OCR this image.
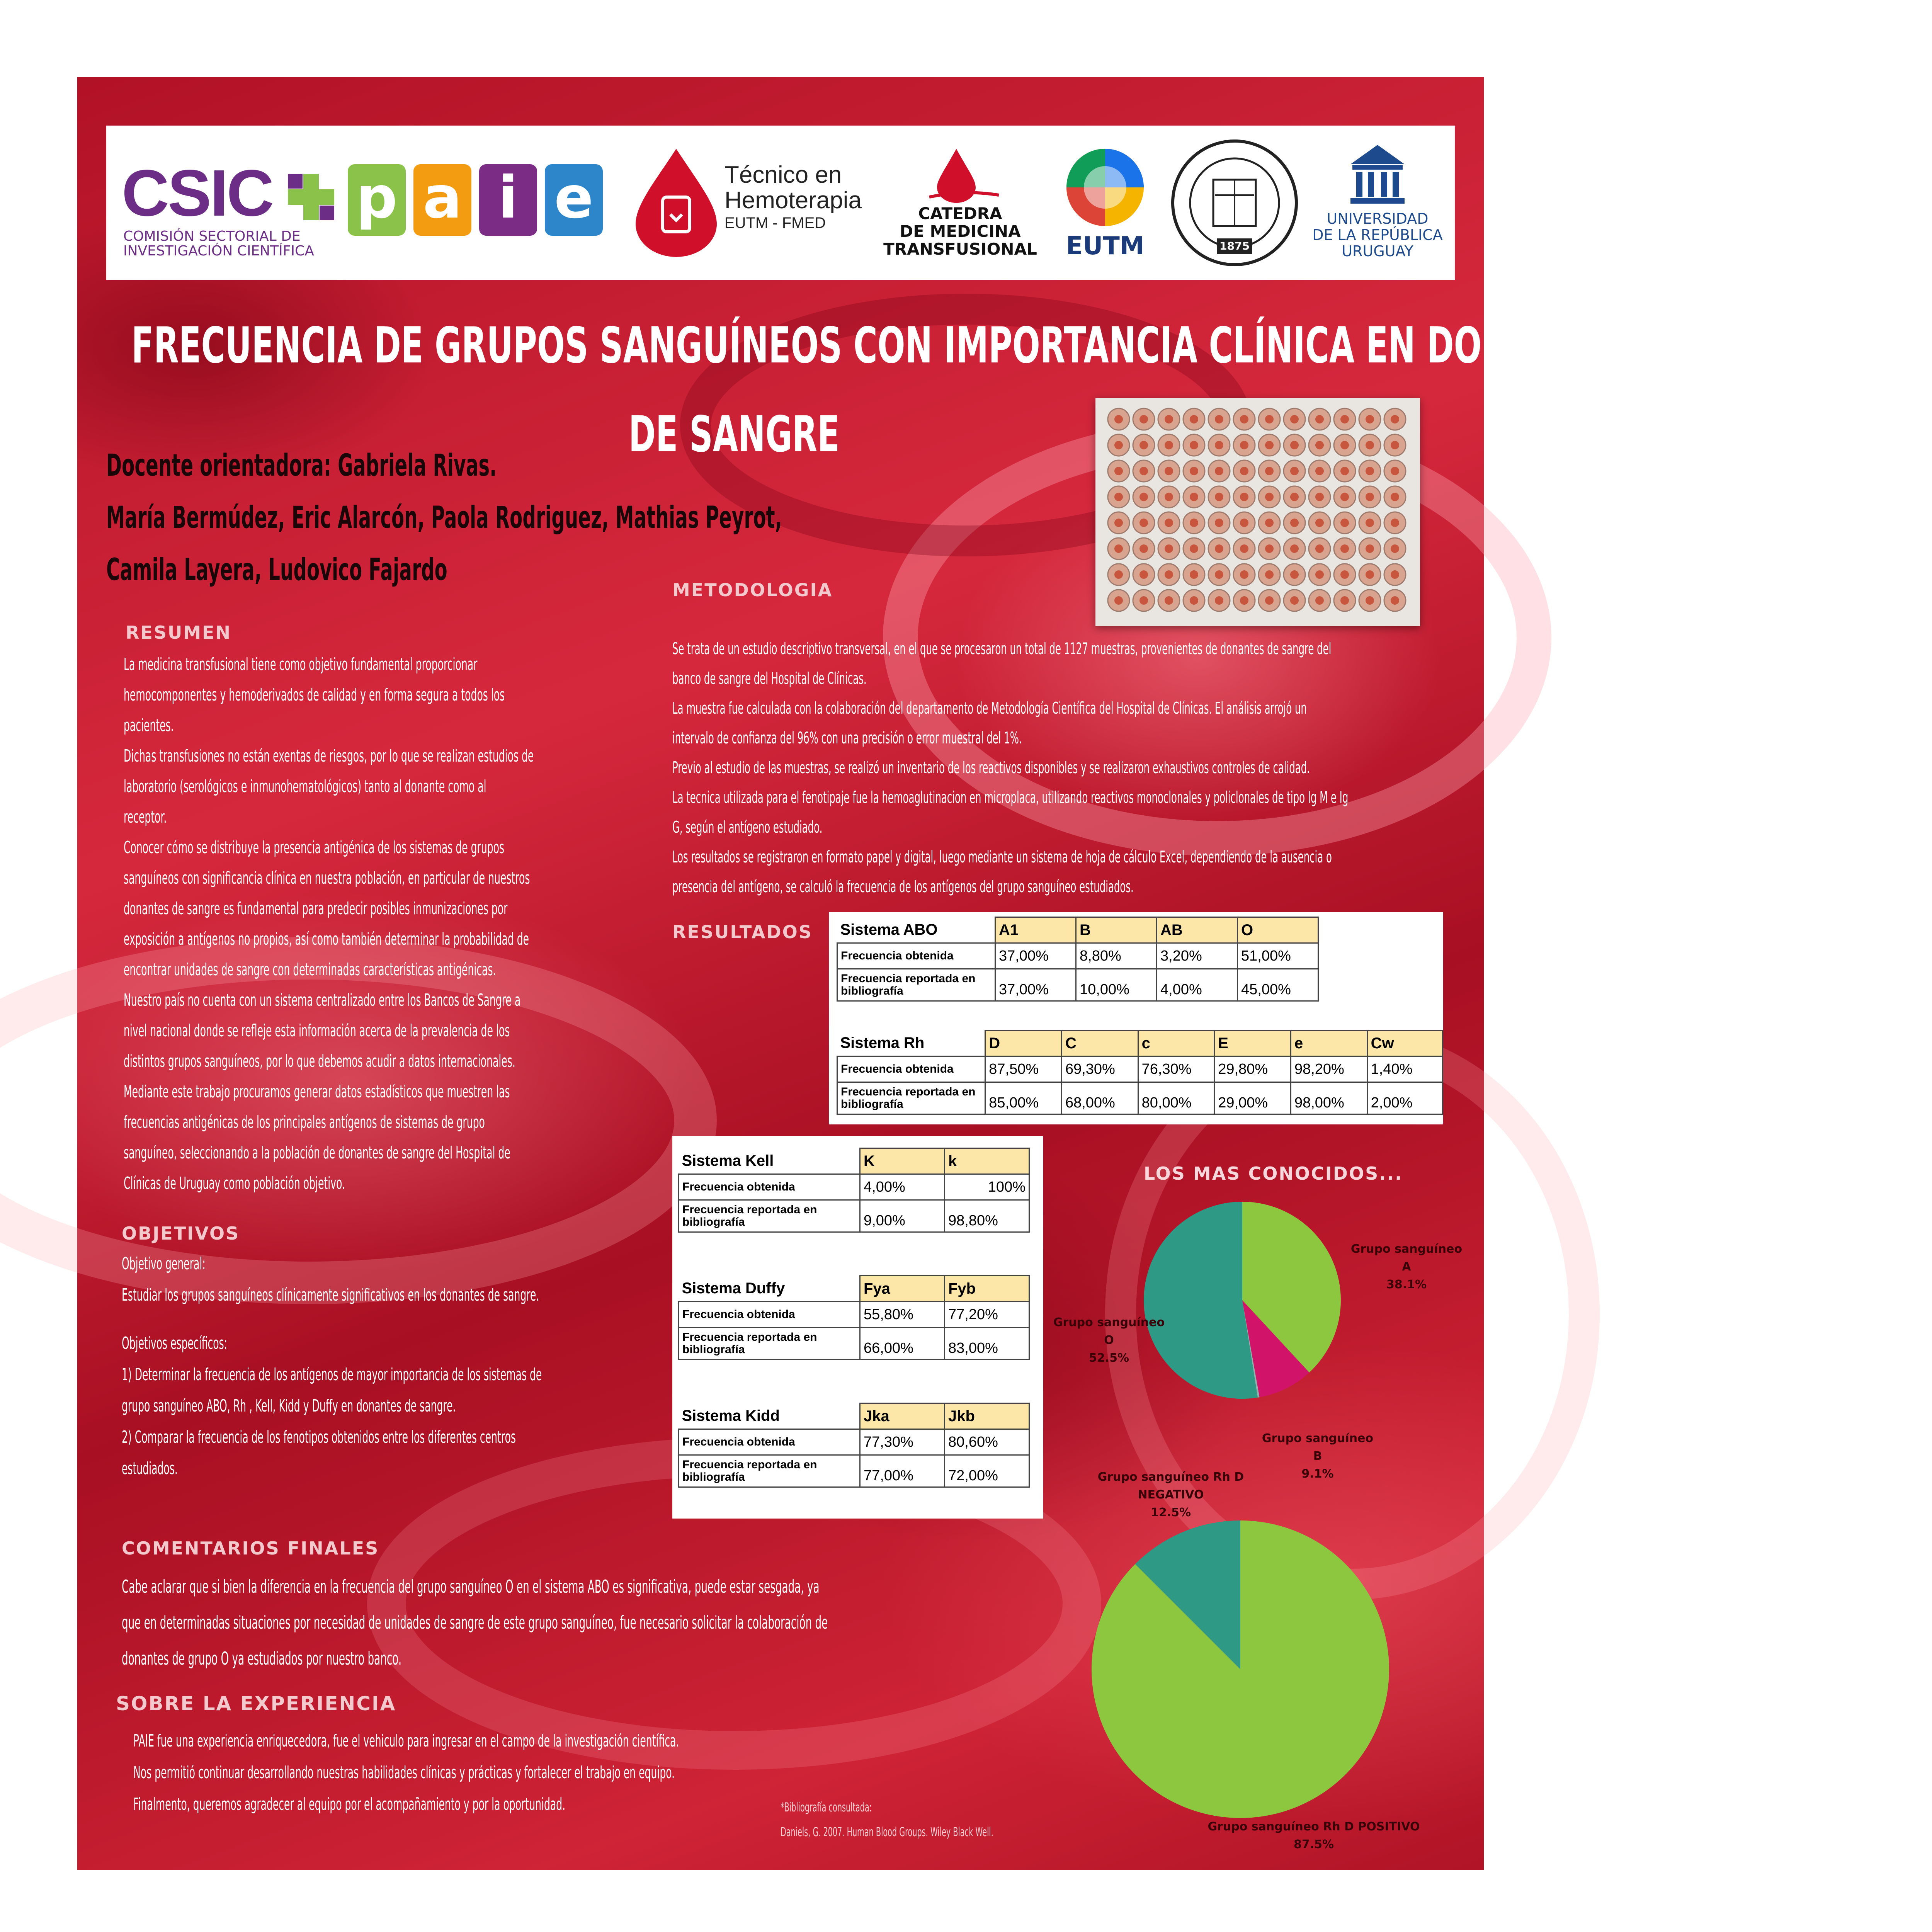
CSIC
COMISIÓN SECTORIAL DE
INVESTIGACIÓN CIENTÍFICA
p a i e	Técnico en
Hemoterapia
EUTM - FMED	CATEDRA
DE MEDICINA
TRANSFUSIONAL	EUTM	1875
UNIVERSIDAD
DE LA REPÚBLICA
URUGUAY
FRECUENCIA DE GRUPOS SANGUÍNEOS CON IMPORTANCIA CLÍNICA EN DONANTES
DE SANGRE
Docente orientadora: Gabriela Rivas.
María Bermúdez, Eric Alarcón, Paola Rodriguez, Mathias Peyrot,
Camila Layera, Ludovico Fajardo
RESUMEN
La medicina transfusional tiene como objetivo fundamental proporcionar
hemocomponentes y hemoderivados de calidad y en forma segura a todos los
pacientes.
Dichas transfusiones no están exentas de riesgos, por lo que se realizan estudios de
laboratorio (serológicos e inmunohematológicos) tanto al donante como al
receptor.
Conocer cómo se distribuye la presencia antigénica de los sistemas de grupos
sanguíneos con significancia clínica en nuestra población, en particular de nuestros
donantes de sangre es fundamental para predecir posibles inmunizaciones por
exposición a antígenos no propios, así como también determinar la probabilidad de
encontrar unidades de sangre con determinadas características antigénicas.
Nuestro país no cuenta con un sistema centralizado entre los Bancos de Sangre a
nivel nacional donde se refleje esta información acerca de la prevalencia de los
distintos grupos sanguíneos, por lo que debemos acudir a datos internacionales.
Mediante este trabajo procuramos generar datos estadísticos que muestren las
frecuencias antigénicas de los principales antígenos de sistemas de grupo
sanguíneo, seleccionando a la población de donantes de sangre del Hospital de
Clínicas de Uruguay como población objetivo.
OBJETIVOS
Objetivo general:
Estudiar los grupos sanguíneos clínicamente significativos en los donantes de sangre.
Objetivos específicos:
1) Determinar la frecuencia de los antígenos de mayor importancia de los sistemas de
grupo sanguíneo ABO, Rh , Kell, Kidd y Duffy en donantes de sangre.
2) Comparar la frecuencia de los fenotipos obtenidos entre los diferentes centros
estudiados.
METODOLOGIA
Se trata de un estudio descriptivo transversal, en el que se procesaron un total de 1127 muestras, provenientes de donantes de sangre del
banco de sangre del Hospital de Clínicas.
La muestra fue calculada con la colaboración del departamento de Metodología Científica del Hospital de Clínicas. El análisis arrojó un
intervalo de confianza del 96% con una precisión o error muestral del 1%.
Previo al estudio de las muestras, se realizó un inventario de los reactivos disponibles y se realizaron exhaustivos controles de calidad.
La tecnica utilizada para el fenotipaje fue la hemoaglutinacion en microplaca, utilizando reactivos monoclonales y policlonales de tipo Ig M e Ig
G, según el antígeno estudiado.
Los resultados se registraron en formato papel y digital, luego mediante un sistema de hoja de cálculo Excel, dependiendo de la ausencia o
presencia del antígeno, se calculó la frecuencia de los antígenos del grupo sanguíneo estudiados.
RESULTADOS Sistema ABO	A1	B	AB	O
Frecuencia obtenida	37,00%	8,80%	3,20%	51,00%

Frecuencia reportada en
bibliografía	37,00%	10,00%	4,00%	45,00%
Sistema Rh	D	C	c	E	e	Cw
Frecuencia obtenida	87,50%	69,30%	76,30%	29,80%	98,20%	1,40%

Frecuencia reportada en
bibliografía	85,00%	68,00%	80,00%	29,00%	98,00%	2,00%
Sistema Kell	K	k
Frecuencia obtenida	4,00%	100%

Frecuencia reportada en
bibliografía	9,00%	98,80%
Sistema Duffy	Fya	Fyb
Frecuencia obtenida	55,80%	77,20%

Frecuencia reportada en
bibliografía	66,00%	83,00%
Sistema Kidd	Jka	Jkb
Frecuencia obtenida	77,30%	80,60%

Frecuencia reportada en
bibliografía	77,00%	72,00%
LOS MAS CONOCIDOS...
Grupo sanguíneo A
38.1%
Grupo sanguíneo O
52.5%
Grupo sanguíneo B
9.1%
Grupo sanguíneo Rh D NEGATIVO
12.5%
Grupo sanguíneo Rh D POSITIVO
87.5%
COMENTARIOS FINALES
Cabe aclarar que si bien la diferencia en la frecuencia del grupo sanguíneo O en el sistema ABO es significativa, puede estar sesgada, ya
que en determinadas situaciones por necesidad de unidades de sangre de este grupo sanguíneo, fue necesario solicitar la colaboración de
donantes de grupo O ya estudiados por nuestro banco.
SOBRE LA EXPERIENCIA
PAIE fue una experiencia enriquecedora, fue el vehiculo para ingresar en el campo de la investigación científica.
Nos permitió continuar desarrollando nuestras habilidades clínicas y prácticas y fortalecer el trabajo en equipo.
Finalmento, queremos agradecer al equipo por el acompañamiento y por la oportunidad.	*Bibliografía consultada:
Daniels, G. 2007. Human Blood Groups. Wiley Black Well.
